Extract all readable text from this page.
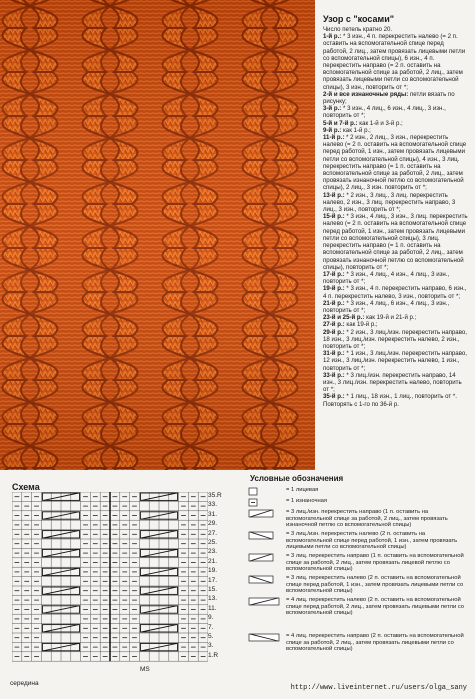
Узор с "косами"

Число петель кратно 20.

1-й р.: * 3 изн., 4 п. перекрестить налево (= 2 п. оставить на вспомогательной спице перед работой, 2 лиц., затем провязать лицевыми петли со вспомогательной спицы), 6 изн., 4 п. перекрестить направо (= 2 п. оставить на вспомогательной спице за работой, 2 лиц., затем провязать лицевыми петли со вспомогательной спицы), 3 изн., повторить от *;

2-й и все изнаночные ряды: петли вязать по рисунку;

3-й р.: * 3 изн., 4 лиц., 6 изн., 4 лиц., 3 изн., повторить от *;

5-й и 7-й р.: как 1-й и 3-й р.;

9-й р.: как 1-й р.;

11-й р.: * 2 изн., 2 лиц., 3 изн., перекрестить налево (= 2 п. оставить на вспомогательной спице перед работой, 1 изн., затем провязать лицевыми петли со вспомогательной спицы), 4 изн., 3 лиц. перекрестить направо (= 1 п. оставить на вспомогательной спице за работой, 2 лиц., затем провязать изнаночной петлю со вспомогательной спицы), 2 лиц., 3 изн. повторить от *;

13-й р.: * 2 изн., 3 лиц., 3 лиц. перекрестить налево, 2 изн., 3 лиц. перекрестить направо, 3 лиц., 3 изн., повторить от *;

15-й р.: * 3 изн., 4 лиц., 3 изн., 3 лиц. перекрестить налево (= 2 п. оставить на вспомогательной спице перед работой, 1 изн., затем провязать лицевыми петли со вспомогательной спицы), 3 лиц. перекрестить направо (= 1 п. оставить на вспомогательной спице за работой, 2 лиц., затем провязать изнаночной петлю со вспомогательной спицы), повторить от *;

17-й р.: * 3 изн., 4 лиц., 4 изн., 4 лиц., 3 изн., повторить от *;

19-й р.: * 3 изн., 4 п. перекрестить направо, 6 изн., 4 п. перекрестить налево, 3 изн., повторить от *;

21-й р.: * 3 изн., 4 лиц., 6 изн., 4 лиц., 3 изн., повторить от *;

23-й и 25-й р.: как 19-й и 21-й р.;

27-й р.: как 19-й р.;

29-й р.: * 2 изн., 3 лиц./изн. перекрестить направо, 18 изн., 3 лиц./изн. перекрестить налево, 2 изн., повторить от *;

31-й р.: * 1 изн., 3 лиц./изн. перекрестить направо, 12 изн., 3 лиц./изн. перекрестить налево, 1 изн., повторить от *;

33-й р.: * 3 лиц./изн. перекрестить направо, 14 изн., 3 лиц./изн. перекрестить налево, повторить от *;

35-й р.: * 1 лиц., 18 изн., 1 лиц., повторить от *. Повторять с 1-го по 36-й р.

Схема
35.R
33.
31.
29.
27.
25.
23.
21.
19.
17.
15.
13.
11.
9.
7.
5.
3.
1.R
середина
MS
Условные обозначения
= 1 лицевая
= 1 изнаночная
= 3 лиц./изн. перекрестить направо (1 п. оставить на вспомогательной спице за работой, 2 лиц., затем провязать изнаночной петлю со вспомогательной спицы)
= 3 лиц./изн. перекрестить налево (2 п. оставить на вспомогательной спице перед работой, 1 изн., затем провязать лицевыми петли со вспомогательной спицы)
= 3 лиц. перекрестить направо (1 п. оставить на вспомогательной спице за работой, 2 лиц., затем провязать лицевой петлю со вспомогательной спицы)
= 3 лиц. перекрестить налево (2 п. оставить на вспомогательной спице перед работой, 1 изн., затем провязать лицевыми петли со вспомогательной спицы)
= 4 лиц. перекрестить налево (2 п. оставить на вспомогательной спице перед работой, 2 лиц., затем провязать лицевыми петли со вспомогательной спицы)
= 4 лиц. перекрестить направо (2 п. оставить на вспомогательной спице за работой, 2 лиц., затем провязать лицевыми петли со вспомогательной спицы)
http://www.liveinternet.ru/users/olga_sany
